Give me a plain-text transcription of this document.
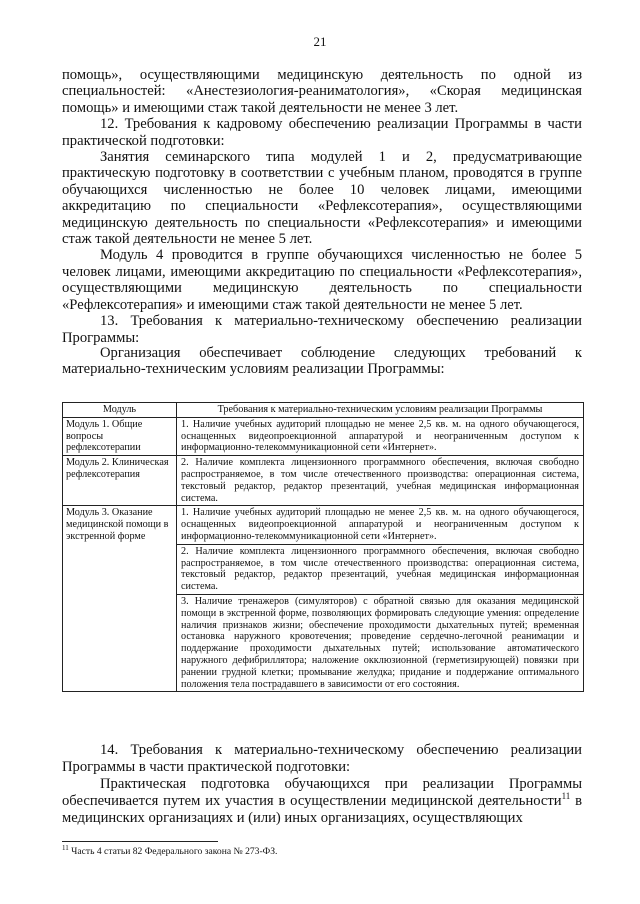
21

помощь», осуществляющими медицинскую деятельность по одной из специальностей: «Анестезиология-реаниматология», «Скорая медицинская помощь» и имеющими стаж такой деятельности не менее 3 лет.

12. Требования к кадровому обеспечению реализации Программы в части практической подготовки:

Занятия семинарского типа модулей 1 и 2, предусматривающие практическую подготовку в соответствии с учебным планом, проводятся в группе обучающихся численностью не более 10 человек лицами, имеющими аккредитацию по специальности «Рефлексотерапия», осуществляющими медицинскую деятельность по специальности «Рефлексотерапия» и имеющими стаж такой деятельности не менее 5 лет.

Модуль 4 проводится в группе обучающихся численностью не более 5 человек лицами, имеющими аккредитацию по специальности «Рефлексотерапия», осуществляющими медицинскую деятельность по специальности «Рефлексотерапия» и имеющими стаж такой деятельности не менее 5 лет.

13. Требования к материально-техническому обеспечению реализации Программы:

Организация обеспечивает соблюдение следующих требований к материально-техническим условиям реализации Программы:

Модуль	Требования к материально-техническим условиям реализации Программы
Модуль 1. Общие вопросы рефлексотерапии	1. Наличие учебных аудиторий площадью не менее 2,5 кв. м. на одного обучающегося, оснащенных видеопроекционной аппаратурой и неограниченным доступом к информационно-телекоммуникационной сети «Интернет».

Модуль 2. Клиническая рефлексотерапия	2. Наличие комплекта лицензионного программного обеспечения, включая свободно распространяемое, в том числе отечественного производства: операционная система, текстовый редактор, редактор презентаций, учебная медицинская информационная система.

Модуль 3. Оказание медицинской помощи в экстренной форме	1. Наличие учебных аудиторий площадью не менее 2,5 кв. м. на одного обучающегося, оснащенных видеопроекционной аппаратурой и неограниченным доступом к информационно-телекоммуникационной сети «Интернет».
2. Наличие комплекта лицензионного программного обеспечения, включая свободно распространяемое, в том числе отечественного производства: операционная система, текстовый редактор, редактор презентаций, учебная медицинская информационная система.
3. Наличие тренажеров (симуляторов) с обратной связью для оказания медицинской помощи в экстренной форме, позволяющих формировать следующие умения: определение наличия признаков жизни; обеспечение проходимости дыхательных путей; временная остановка наружного кровотечения; проведение сердечно-легочной реанимации и поддержание проходимости дыхательных путей; использование автоматического наружного дефибриллятора; наложение окклюзионной (герметизирующей) повязки при ранении грудной клетки; промывание желудка; придание и поддержание оптимального положения тела пострадавшего в зависимости от его состояния.

14. Требования к материально-техническому обеспечению реализации Программы в части практической подготовки:

Практическая подготовка обучающихся при реализации Программы обеспечивается путем их участия в осуществлении медицинской деятельности$^{11}$ в медицинских организациях и (или) иных организациях, осуществляющих

$^{11}$ Часть 4 статьи 82 Федерального закона № 273-ФЗ.
